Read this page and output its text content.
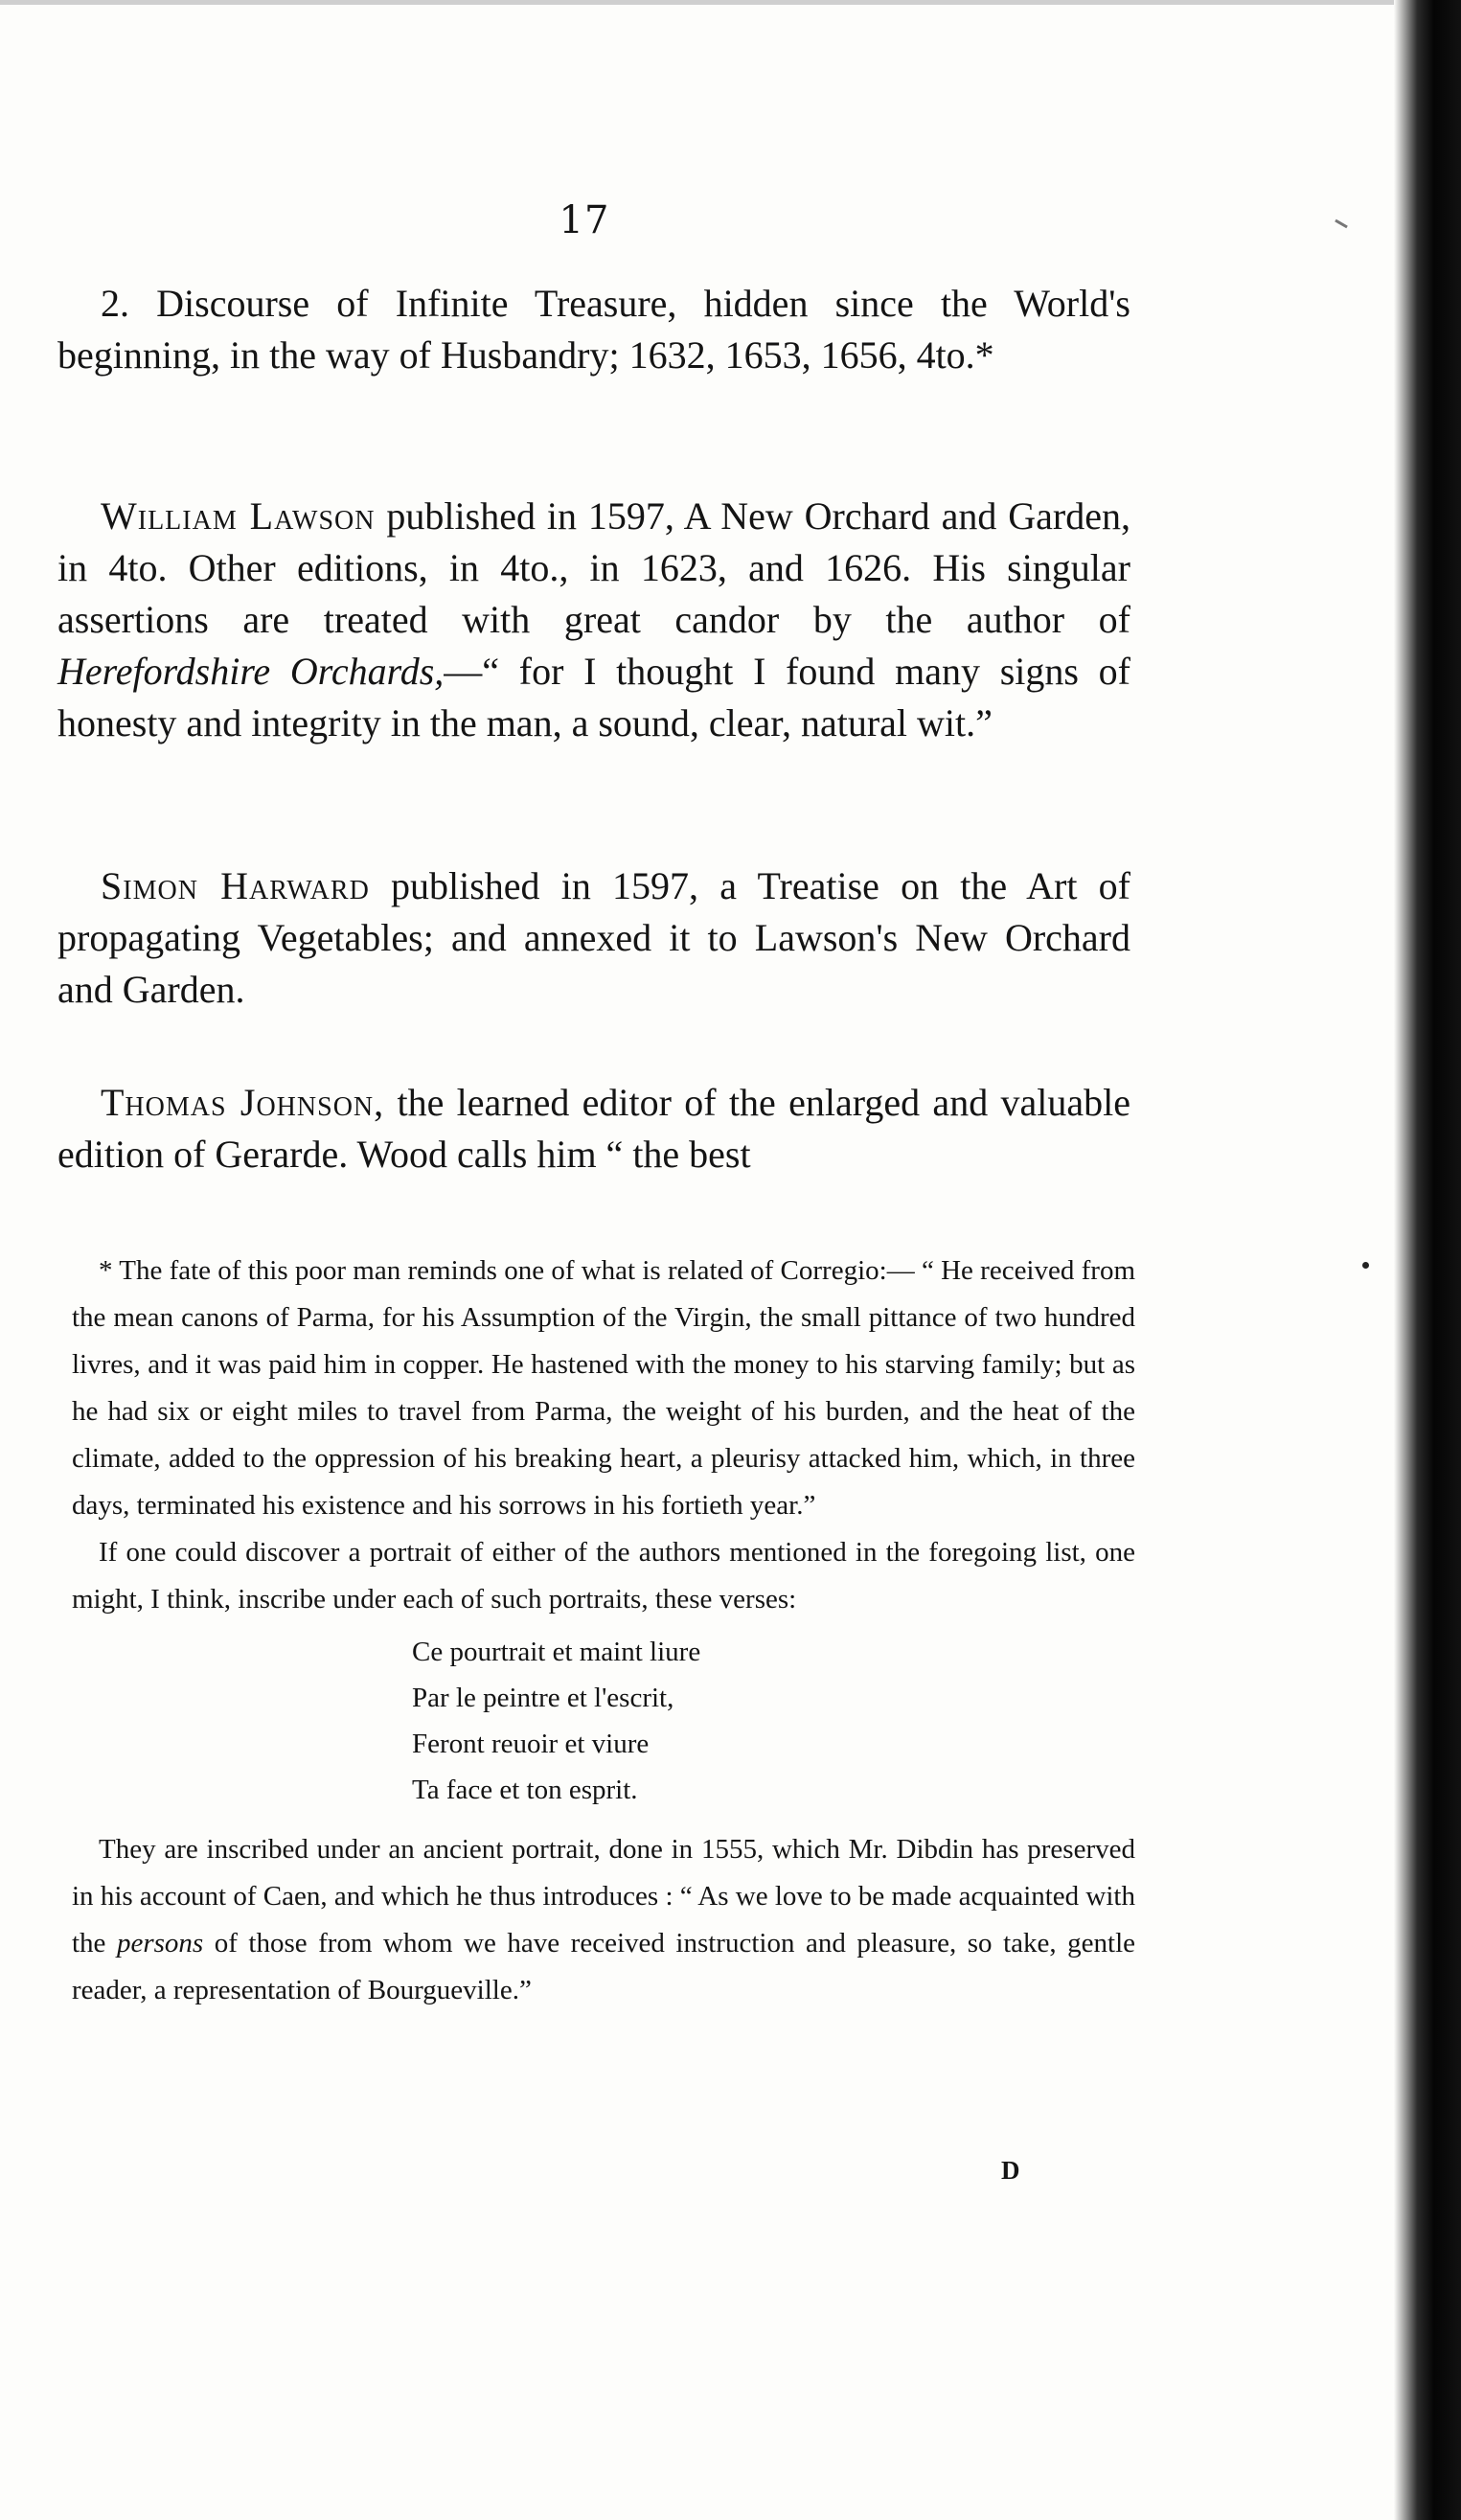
17

2. Discourse of Infinite Treasure, hidden since the World's beginning, in the way of Husbandry; 1632, 1653, 1656, 4to.*

William Lawson published in 1597, A New Orchard and Garden, in 4to. Other editions, in 4to., in 1623, and 1626. His singular assertions are treated with great candor by the author of Herefordshire Orchards,—“ for I thought I found many signs of honesty and integrity in the man, a sound, clear, natural wit.”

Simon Harward published in 1597, a Treatise on the Art of propagating Vegetables; and annexed it to Lawson's New Orchard and Garden.

Thomas Johnson, the learned editor of the enlarged and valuable edition of Gerarde. Wood calls him “ the best

* The fate of this poor man reminds one of what is related of Corregio:— “ He received from the mean canons of Parma, for his Assumption of the Virgin, the small pittance of two hundred livres, and it was paid him in copper. He hastened with the money to his starving family; but as he had six or eight miles to travel from Parma, the weight of his burden, and the heat of the climate, added to the oppression of his breaking heart, a pleurisy attacked him, which, in three days, terminated his existence and his sorrows in his fortieth year.”

If one could discover a portrait of either of the authors mentioned in the foregoing list, one might, I think, inscribe under each of such portraits, these verses:

Ce pourtrait et maint liure
Par le peintre et l'escrit,
Feront reuoir et viure
Ta face et ton esprit.

They are inscribed under an ancient portrait, done in 1555, which Mr. Dibdin has preserved in his account of Caen, and which he thus introduces : “ As we love to be made acquainted with the persons of those from whom we have received instruction and pleasure, so take, gentle reader, a representation of Bourgueville.”

D
